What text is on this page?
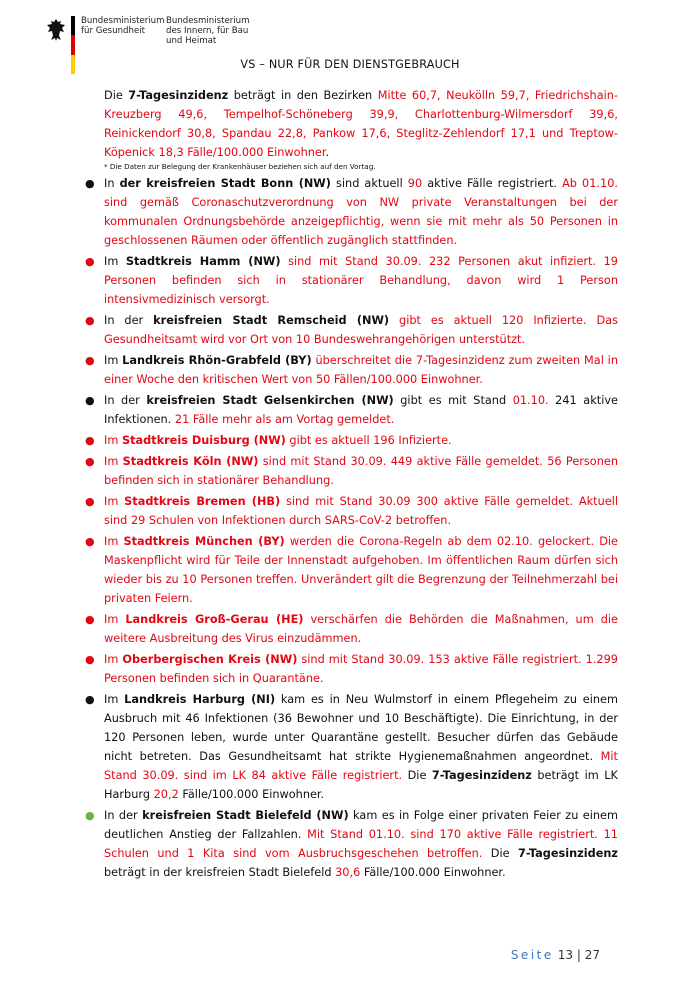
Bundesministerium
für Gesundheit
Bundesministerium
des Innern, für Bau
und Heimat
VS – NUR FÜR DEN DIENSTGEBRAUCH

Die 7-Tagesinzidenz beträgt in den Bezirken Mitte 60,7, Neukölln 59,7, Friedrichshain-Kreuzberg 49,6, Tempelhof-Schöneberg 39,9, Charlottenburg-Wilmersdorf 39,6, Reinickendorf 30,8, Spandau 22,8, Pankow 17,6, Steglitz-Zehlendorf 17,1 und Treptow-Köpenick 18,3 Fälle/100.000 Einwohner.

* Die Daten zur Belegung der Krankenhäuser beziehen sich auf den Vortag.

● In der kreisfreien Stadt Bonn (NW) sind aktuell 90 aktive Fälle registriert. Ab 01.10. sind gemäß Coronaschutzverordnung von NW private Veranstaltungen bei der kommunalen Ordnungsbehörde anzeigepflichtig, wenn sie mit mehr als 50 Personen in geschlossenen Räumen oder öffentlich zugänglich stattfinden.
● Im Stadtkreis Hamm (NW) sind mit Stand 30.09. 232 Personen akut infiziert. 19 Personen befinden sich in stationärer Behandlung, davon wird 1 Person intensivmedizinisch versorgt.
● In der kreisfreien Stadt Remscheid (NW) gibt es aktuell 120 Infizierte. Das Gesundheitsamt wird vor Ort von 10 Bundeswehrangehörigen unterstützt.
● Im Landkreis Rhön-Grabfeld (BY) überschreitet die 7-Tagesinzidenz zum zweiten Mal in einer Woche den kritischen Wert von 50 Fällen/100.000 Einwohner.
● In der kreisfreien Stadt Gelsenkirchen (NW) gibt es mit Stand 01.10. 241 aktive Infektionen. 21 Fälle mehr als am Vortag gemeldet.
● Im Stadtkreis Duisburg (NW) gibt es aktuell 196 Infizierte.
● Im Stadtkreis Köln (NW) sind mit Stand 30.09. 449 aktive Fälle gemeldet. 56 Personen befinden sich in stationärer Behandlung.
● Im Stadtkreis Bremen (HB) sind mit Stand 30.09 300 aktive Fälle gemeldet. Aktuell sind 29 Schulen von Infektionen durch SARS-CoV-2 betroffen.
● Im Stadtkreis München (BY) werden die Corona-Regeln ab dem 02.10. gelockert. Die Maskenpflicht wird für Teile der Innenstadt aufgehoben. Im öffentlichen Raum dürfen sich wieder bis zu 10 Personen treffen. Unverändert gilt die Begrenzung der Teilnehmerzahl bei privaten Feiern.
● Im Landkreis Groß-Gerau (HE) verschärfen die Behörden die Maßnahmen, um die weitere Ausbreitung des Virus einzudämmen.
● Im Oberbergischen Kreis (NW) sind mit Stand 30.09. 153 aktive Fälle registriert. 1.299 Personen befinden sich in Quarantäne.
● Im Landkreis Harburg (NI) kam es in Neu Wulmstorf in einem Pflegeheim zu einem Ausbruch mit 46 Infektionen (36 Bewohner und 10 Beschäftigte). Die Einrichtung, in der 120 Personen leben, wurde unter Quarantäne gestellt. Besucher dürfen das Gebäude nicht betreten. Das Gesundheitsamt hat strikte Hygienemaßnahmen angeordnet. Mit Stand 30.09. sind im LK 84 aktive Fälle registriert. Die 7-Tagesinzidenz beträgt im LK Harburg 20,2 Fälle/100.000 Einwohner.
● In der kreisfreien Stadt Bielefeld (NW) kam es in Folge einer privaten Feier zu einem deutlichen Anstieg der Fallzahlen. Mit Stand 01.10. sind 170 aktive Fälle registriert. 11 Schulen und 1 Kita sind vom Ausbruchsgeschehen betroffen. Die 7-Tagesinzidenz beträgt in der kreisfreien Stadt Bielefeld 30,6 Fälle/100.000 Einwohner.
Seite 13 | 27
